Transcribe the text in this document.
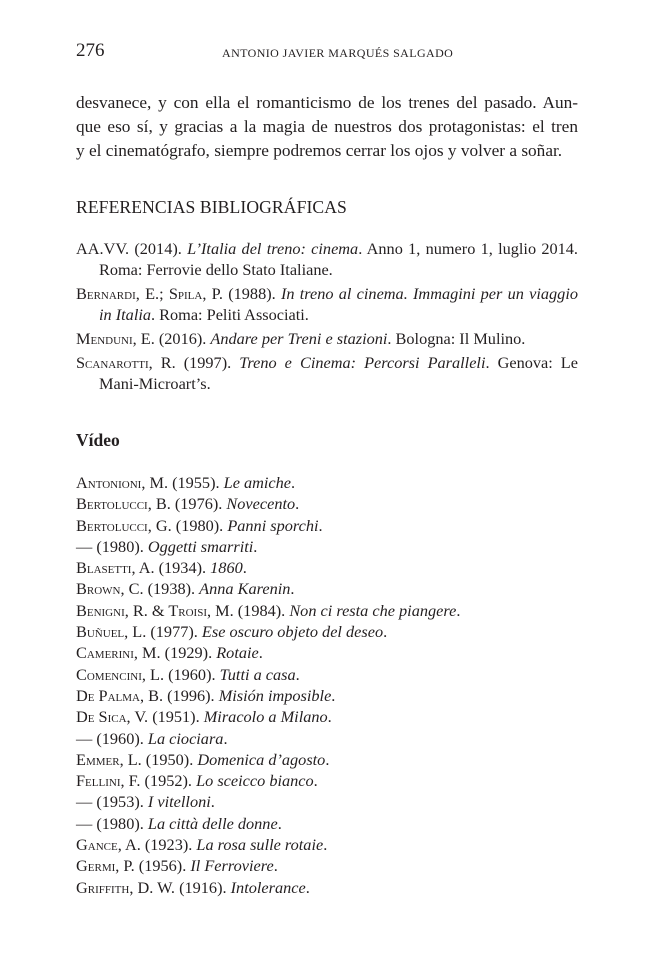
276	ANTONIO JAVIER MARQUÉS SALGADO
desvanece, y con ella el romanticismo de los trenes del pasado. Aun-
que eso sí, y gracias a la magia de nuestros dos protagonistas: el tren
y el cinematógrafo, siempre podremos cerrar los ojos y volver a soñar.
REFERENCIAS BIBLIOGRÁFICAS
AA.VV. (2014). L’Italia del treno: cinema. Anno 1, numero 1, luglio 2014.
Roma: Ferrovie dello Stato Italiane.
Bernardi, E.; Spila, P. (1988). In treno al cinema. Immagini per un viaggio
in Italia. Roma: Peliti Associati.
Menduni, E. (2016). Andare per Treni e stazioni. Bologna: Il Mulino.
Scanarotti, R. (1997). Treno e Cinema: Percorsi Paralleli. Genova: Le
Mani-Microart’s.
Vídeo
Antonioni, M. (1955). Le amiche.
Bertolucci, B. (1976). Novecento.
Bertolucci, G. (1980). Panni sporchi.
— (1980). Oggetti smarriti.
Blasetti, A. (1934). 1860.
Brown, C. (1938). Anna Karenin.
Benigni, R. & Troisi, M. (1984). Non ci resta che piangere.
Buñuel, L. (1977). Ese oscuro objeto del deseo.
Camerini, M. (1929). Rotaie.
Comencini, L. (1960). Tutti a casa.
De Palma, B. (1996). Misión imposible.
De Sica, V. (1951). Miracolo a Milano.
— (1960). La ciociara.
Emmer, L. (1950). Domenica d’agosto.
Fellini, F. (1952). Lo sceicco bianco.
— (1953). I vitelloni.
— (1980). La città delle donne.
Gance, A. (1923). La rosa sulle rotaie.
Germi, P. (1956). Il Ferroviere.
Griffith, D. W. (1916). Intolerance.
